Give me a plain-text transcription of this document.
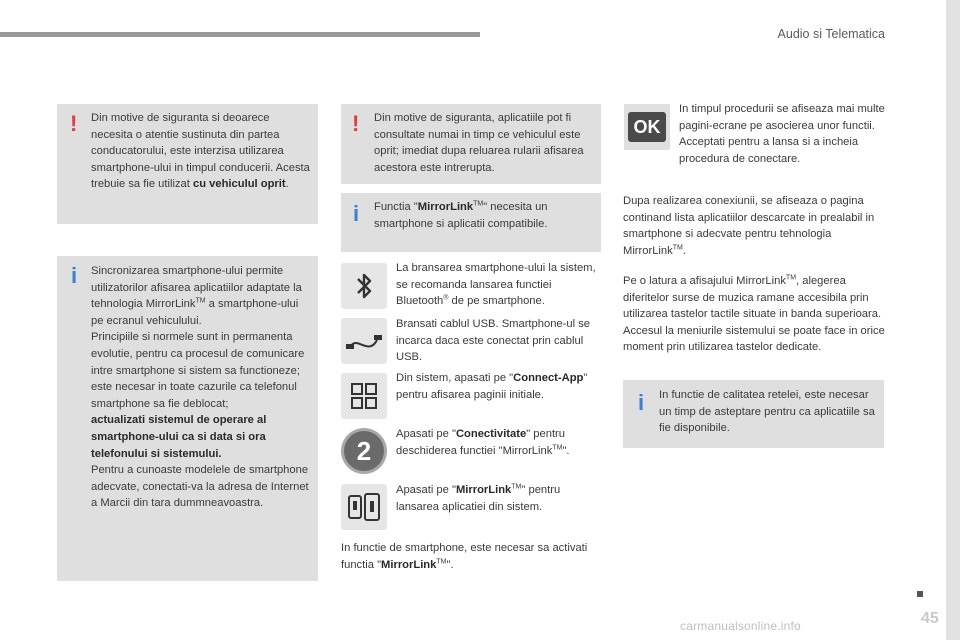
Audio si Telematica
45
! Din motive de siguranta si deoarece necesita o atentie sustinuta din partea conducatorului, este interzisa utilizarea smartphone-ului in timpul conducerii. Acesta trebuie sa fie utilizat cu vehiculul oprit.
i Sincronizarea smartphone-ului permite utilizatorilor afisarea aplicatiilor adaptate la tehnologia MirrorLink™ a smartphone-ului pe ecranul vehiculului.
Principiile si normele sunt in permanenta evolutie, pentru ca procesul de comunicare intre smartphone si sistem sa functioneze; este necesar in toate cazurile ca telefonul smartphone sa fie deblocat;
actualizati sistemul de operare al smartphone-ului ca si data si ora telefonului si sistemului.
Pentru a cunoaste modelele de smartphone adecvate, conectati-va la adresa de Internet a Marcii din tara dummneavoastra.
! Din motive de siguranta, aplicatiile pot fi consultate numai in timp ce vehiculul este oprit; imediat dupa reluarea rularii afisarea acestora este intrerupta.
i Functia "MirrorLink™" necesita un smartphone si aplicatii compatibile.
La bransarea smartphone-ului la sistem, se recomanda lansarea functiei Bluetooth® de pe smartphone.
Bransati cablul USB. Smartphone-ul se incarca daca este conectat prin cablul USB.
Din sistem, apasati pe "Connect-App" pentru afisarea paginii initiale.
2
Apasati pe "Conectivitate" pentru deschiderea functiei "MirrorLink™".
Apasati pe "MirrorLink™" pentru lansarea aplicatiei din sistem.
In functie de smartphone, este necesar sa activati functia "MirrorLink™".
OK
In timpul procedurii se afiseaza mai multe pagini-ecrane pe asocierea unor functii. Acceptati pentru a lansa si a incheia procedura de conectare.
Dupa realizarea conexiunii, se afiseaza o pagina continand lista aplicatiilor descarcate in prealabil in smartphone si adecvate pentru tehnologia MirrorLink™.
Pe o latura a afisajului MirrorLink™, alegerea diferitelor surse de muzica ramane accesibila prin utilizarea tastelor tactile situate in banda superioara.
Accesul la meniurile sistemului se poate face in orice moment prin utilizarea tastelor dedicate.
i In functie de calitatea retelei, este necesar un timp de asteptare pentru ca aplicatiile sa fie disponibile.
carmanualsonline.info
